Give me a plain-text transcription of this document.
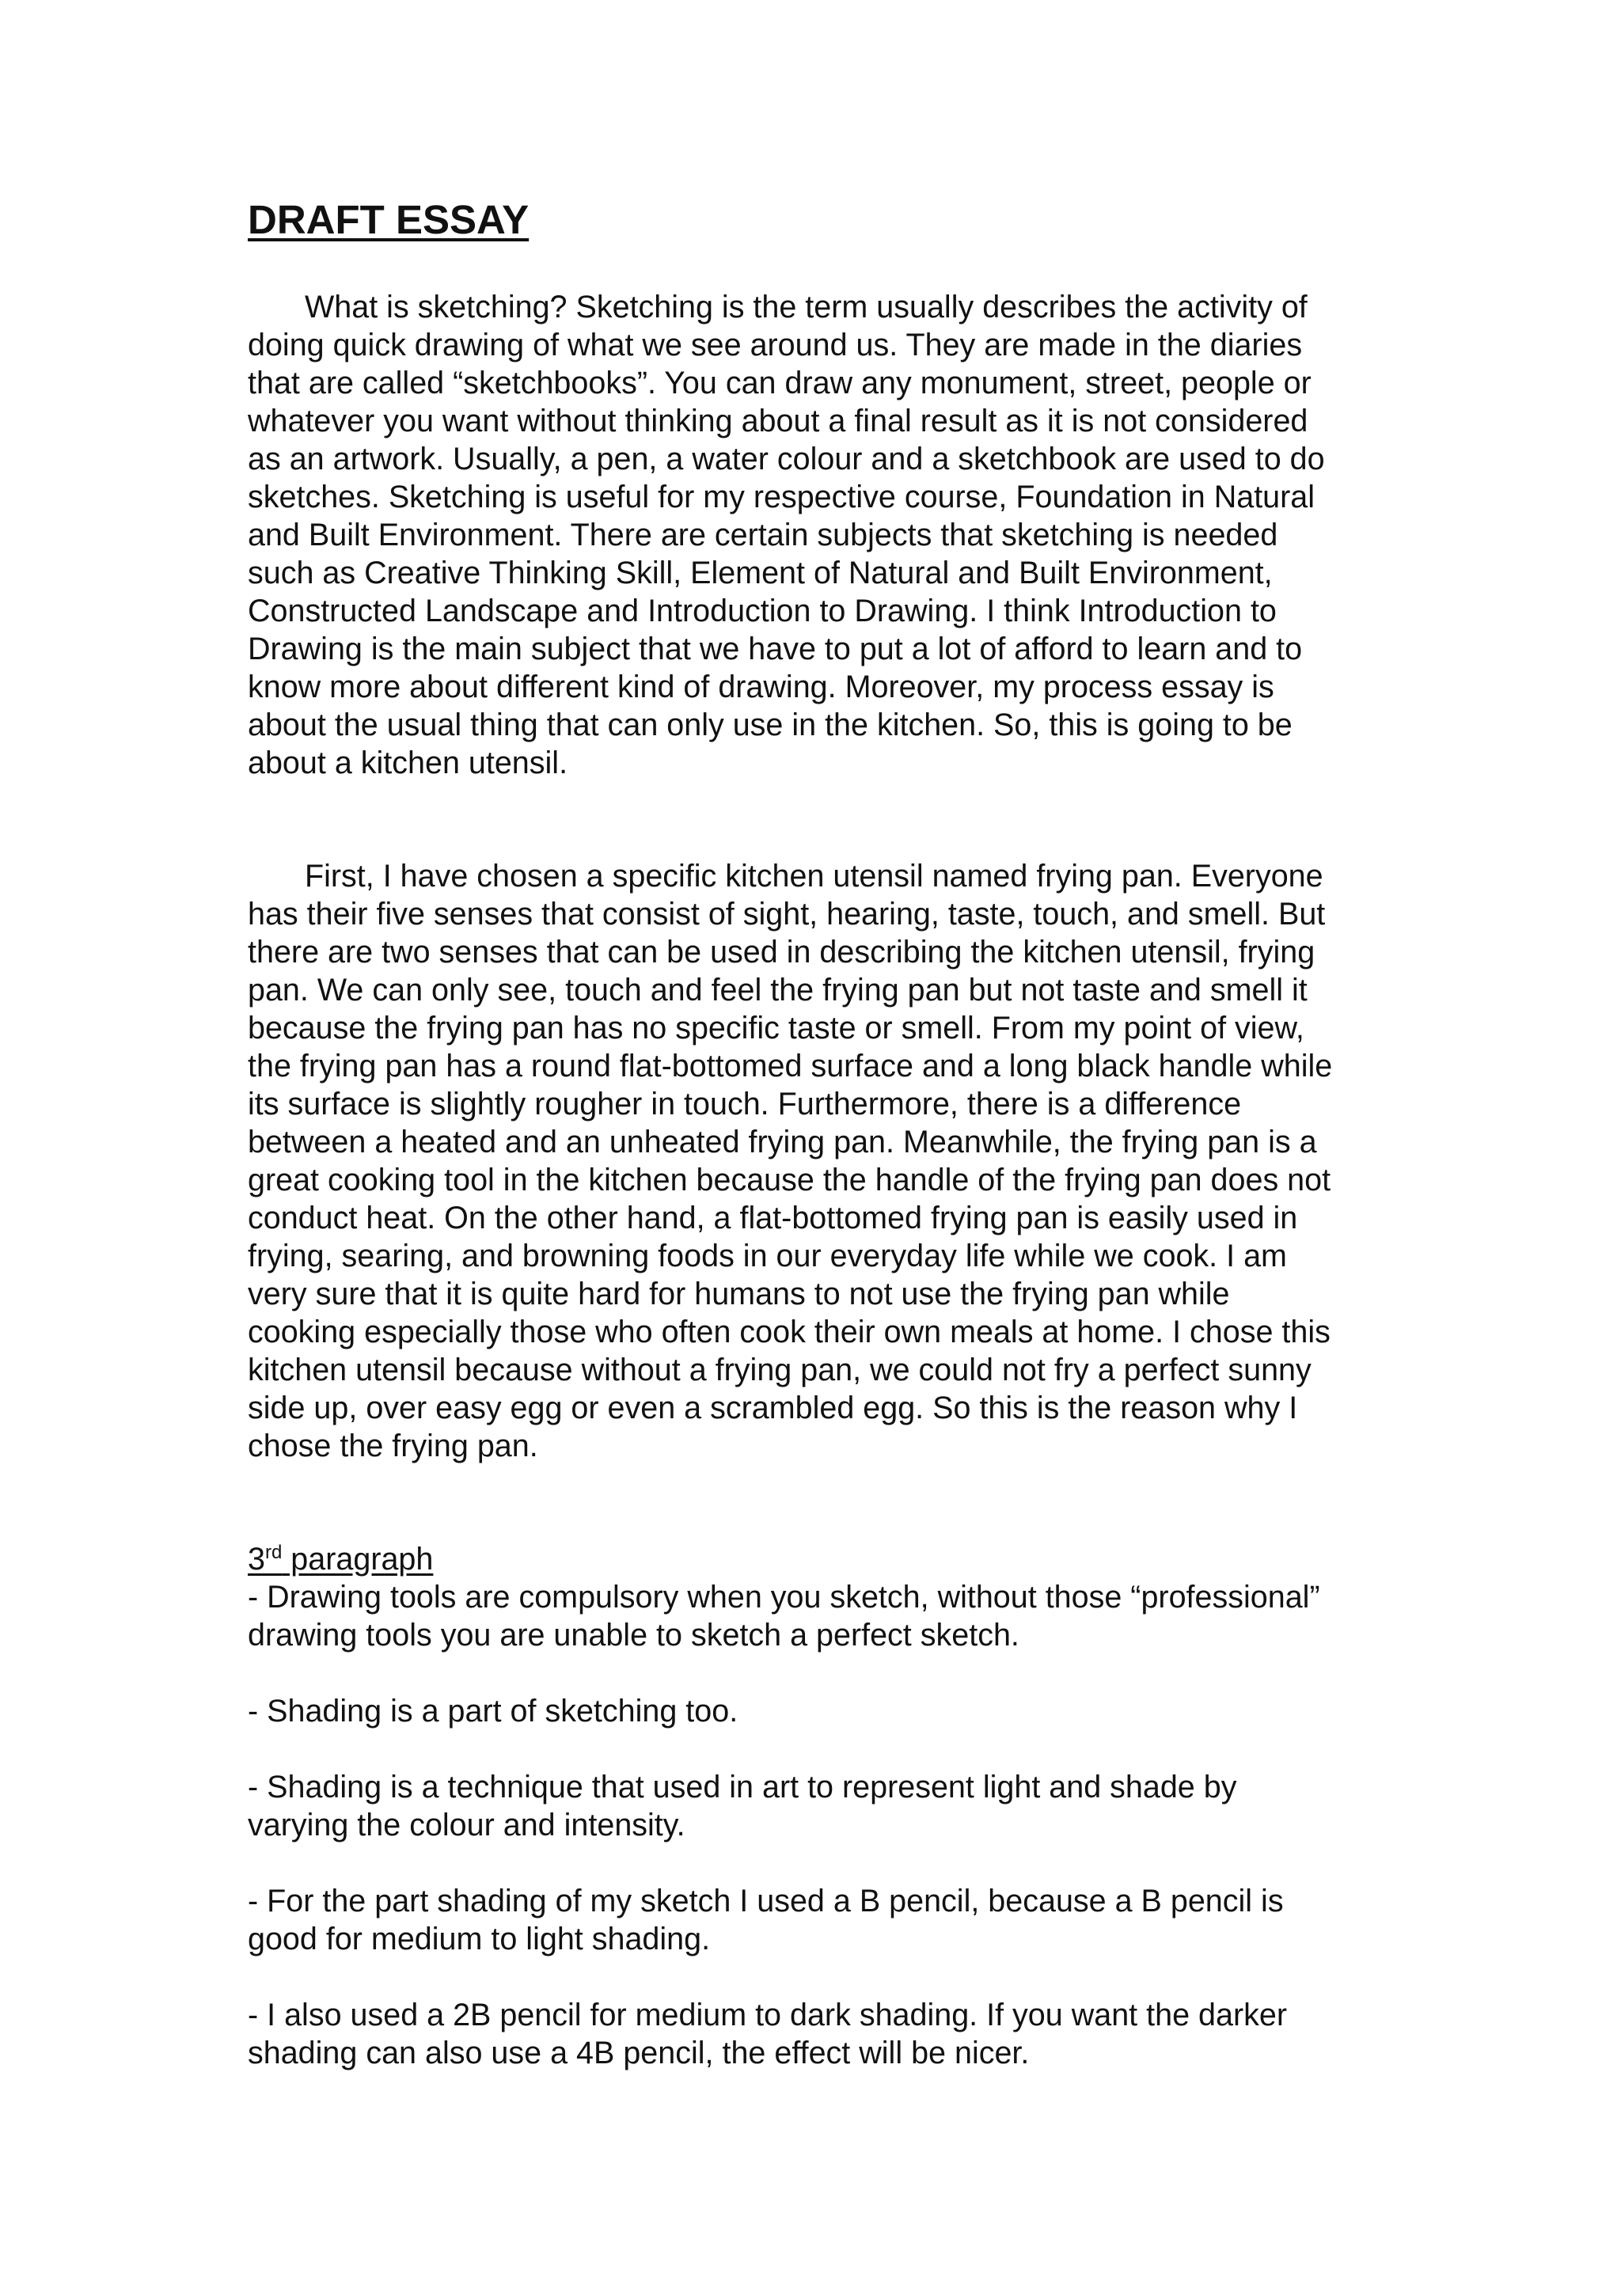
DRAFT ESSAY

What is sketching? Sketching is the term usually describes the activity of
doing quick drawing of what we see around us. They are made in the diaries
that are called “sketchbooks”. You can draw any monument, street, people or
whatever you want without thinking about a final result as it is not considered
as an artwork. Usually, a pen, a water colour and a sketchbook are used to do
sketches. Sketching is useful for my respective course, Foundation in Natural
and Built Environment. There are certain subjects that sketching is needed
such as Creative Thinking Skill, Element of Natural and Built Environment,
Constructed Landscape and Introduction to Drawing. I think Introduction to
Drawing is the main subject that we have to put a lot of afford to learn and to
know more about different kind of drawing. Moreover, my process essay is
about the usual thing that can only use in the kitchen. So, this is going to be
about a kitchen utensil.

First, I have chosen a specific kitchen utensil named frying pan. Everyone
has their five senses that consist of sight, hearing, taste, touch, and smell. But
there are two senses that can be used in describing the kitchen utensil, frying
pan. We can only see, touch and feel the frying pan but not taste and smell it
because the frying pan has no specific taste or smell. From my point of view,
the frying pan has a round flat-bottomed surface and a long black handle while
its surface is slightly rougher in touch. Furthermore, there is a difference
between a heated and an unheated frying pan. Meanwhile, the frying pan is a
great cooking tool in the kitchen because the handle of the frying pan does not
conduct heat. On the other hand, a flat-bottomed frying pan is easily used in
frying, searing, and browning foods in our everyday life while we cook. I am
very sure that it is quite hard for humans to not use the frying pan while
cooking especially those who often cook their own meals at home. I chose this
kitchen utensil because without a frying pan, we could not fry a perfect sunny
side up, over easy egg or even a scrambled egg. So this is the reason why I
chose the frying pan.

3rd paragraph

- Drawing tools are compulsory when you sketch, without those “professional”
drawing tools you are unable to sketch a perfect sketch.

- Shading is a part of sketching too.

- Shading is a technique that used in art to represent light and shade by
varying the colour and intensity.

- For the part shading of my sketch I used a B pencil, because a B pencil is
good for medium to light shading.

- I also used a 2B pencil for medium to dark shading. If you want the darker
shading can also use a 4B pencil, the effect will be nicer.
